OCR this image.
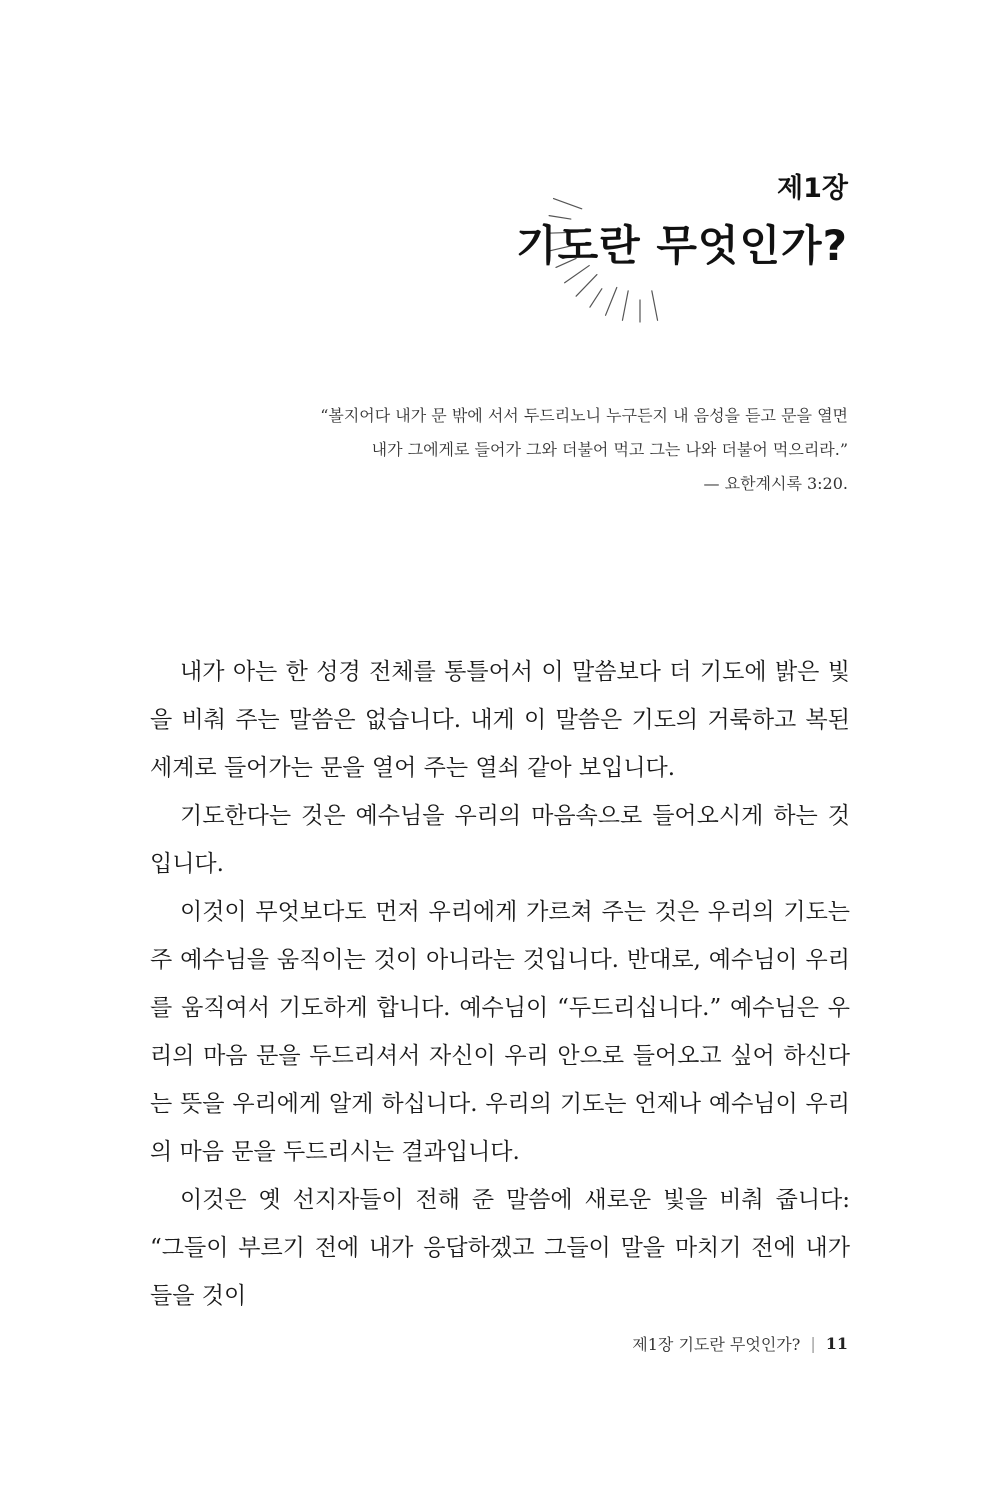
제1장
기도란 무엇인가?
“볼지어다 내가 문 밖에 서서 두드리노니 누구든지 내 음성을 듣고 문을 열면
내가 그에게로 들어가 그와 더불어 먹고 그는 나와 더불어 먹으리라.”
— 요한계시록 3:20.

내가 아는 한 성경 전체를 통틀어서 이 말씀보다 더 기도에 밝은 빛을 비춰 주는 말씀은 없습니다. 내게 이 말씀은 기도의 거룩하고 복된 세계로 들어가는 문을 열어 주는 열쇠 같아 보입니다.

기도한다는 것은 예수님을 우리의 마음속으로 들어오시게 하는 것입니다.

이것이 무엇보다도 먼저 우리에게 가르쳐 주는 것은 우리의 기도는 주 예수님을 움직이는 것이 아니라는 것입니다. 반대로, 예수님이 우리를 움직여서 기도하게 합니다. 예수님이 “두드리십니다.” 예수님은 우리의 마음 문을 두드리셔서 자신이 우리 안으로 들어오고 싶어 하신다는 뜻을 우리에게 알게 하십니다. 우리의 기도는 언제나 예수님이 우리의 마음 문을 두드리시는 결과입니다.

이것은 옛 선지자들이 전해 준 말씀에 새로운 빛을 비춰 줍니다: “그들이 부르기 전에 내가 응답하겠고 그들이 말을 마치기 전에 내가 들을 것이

제1장 기도란 무엇인가? | 11
